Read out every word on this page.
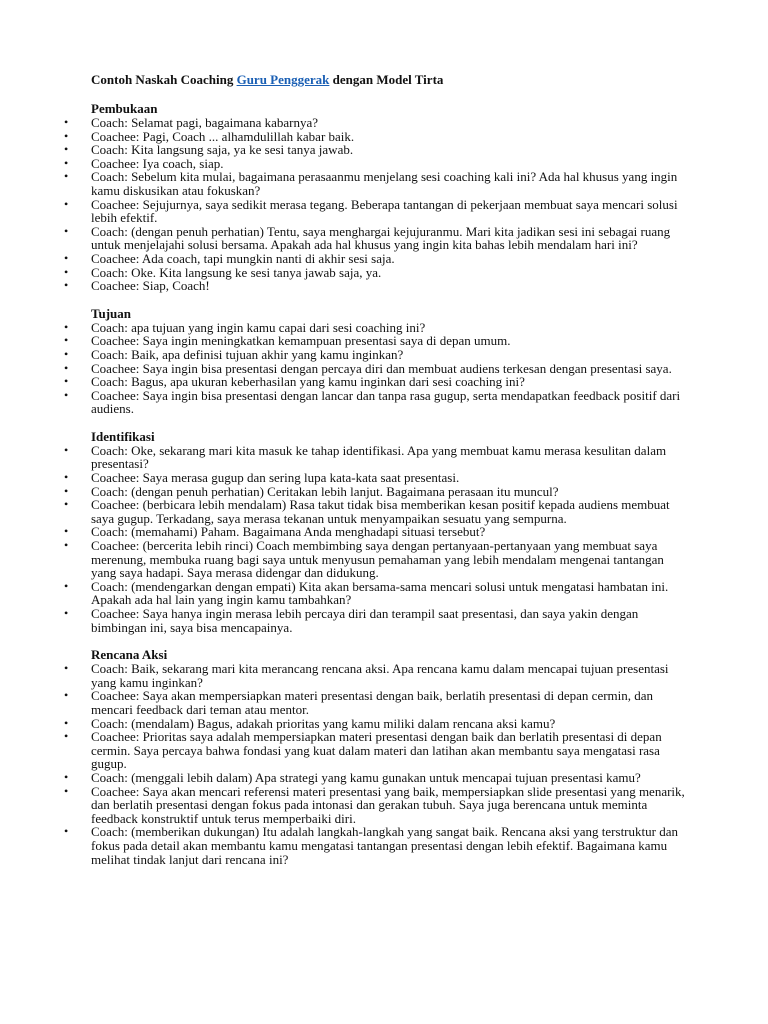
Contoh Naskah Coaching Guru Penggerak dengan Model Tirta
Pembukaan
• Coach: Selamat pagi, bagaimana kabarnya?
• Coachee: Pagi, Coach ... alhamdulillah kabar baik.
• Coach: Kita langsung saja, ya ke sesi tanya jawab.
• Coachee: Iya coach, siap.
• Coach: Sebelum kita mulai, bagaimana perasaanmu menjelang sesi coaching kali ini? Ada hal khusus yang ingin kamu diskusikan atau fokuskan?
• Coachee: Sejujurnya, saya sedikit merasa tegang. Beberapa tantangan di pekerjaan membuat saya mencari solusi lebih efektif.
• Coach: (dengan penuh perhatian) Tentu, saya menghargai kejujuranmu. Mari kita jadikan sesi ini sebagai ruang untuk menjelajahi solusi bersama. Apakah ada hal khusus yang ingin kita bahas lebih mendalam hari ini?
• Coachee: Ada coach, tapi mungkin nanti di akhir sesi saja.
• Coach: Oke. Kita langsung ke sesi tanya jawab saja, ya.
• Coachee: Siap, Coach!
Tujuan
• Coach: apa tujuan yang ingin kamu capai dari sesi coaching ini?
• Coachee: Saya ingin meningkatkan kemampuan presentasi saya di depan umum.
• Coach: Baik, apa definisi tujuan akhir yang kamu inginkan?
• Coachee: Saya ingin bisa presentasi dengan percaya diri dan membuat audiens terkesan dengan presentasi saya.
• Coach: Bagus, apa ukuran keberhasilan yang kamu inginkan dari sesi coaching ini?
• Coachee: Saya ingin bisa presentasi dengan lancar dan tanpa rasa gugup, serta mendapatkan feedback positif dari audiens.
Identifikasi
• Coach: Oke, sekarang mari kita masuk ke tahap identifikasi. Apa yang membuat kamu merasa kesulitan dalam presentasi?
• Coachee: Saya merasa gugup dan sering lupa kata-kata saat presentasi.
• Coach: (dengan penuh perhatian) Ceritakan lebih lanjut. Bagaimana perasaan itu muncul?
• Coachee: (berbicara lebih mendalam) Rasa takut tidak bisa memberikan kesan positif kepada audiens membuat saya gugup. Terkadang, saya merasa tekanan untuk menyampaikan sesuatu yang sempurna.
• Coach: (memahami) Paham. Bagaimana Anda menghadapi situasi tersebut?
• Coachee: (bercerita lebih rinci) Coach membimbing saya dengan pertanyaan-pertanyaan yang membuat saya merenung, membuka ruang bagi saya untuk menyusun pemahaman yang lebih mendalam mengenai tantangan yang saya hadapi. Saya merasa didengar dan didukung.
• Coach: (mendengarkan dengan empati) Kita akan bersama-sama mencari solusi untuk mengatasi hambatan ini. Apakah ada hal lain yang ingin kamu tambahkan?
• Coachee: Saya hanya ingin merasa lebih percaya diri dan terampil saat presentasi, dan saya yakin dengan bimbingan ini, saya bisa mencapainya.
Rencana Aksi
• Coach: Baik, sekarang mari kita merancang rencana aksi. Apa rencana kamu dalam mencapai tujuan presentasi yang kamu inginkan?
• Coachee: Saya akan mempersiapkan materi presentasi dengan baik, berlatih presentasi di depan cermin, dan mencari feedback dari teman atau mentor.
• Coach: (mendalam) Bagus, adakah prioritas yang kamu miliki dalam rencana aksi kamu?
• Coachee: Prioritas saya adalah mempersiapkan materi presentasi dengan baik dan berlatih presentasi di depan cermin. Saya percaya bahwa fondasi yang kuat dalam materi dan latihan akan membantu saya mengatasi rasa gugup.
• Coach: (menggali lebih dalam) Apa strategi yang kamu gunakan untuk mencapai tujuan presentasi kamu?
• Coachee: Saya akan mencari referensi materi presentasi yang baik, mempersiapkan slide presentasi yang menarik, dan berlatih presentasi dengan fokus pada intonasi dan gerakan tubuh. Saya juga berencana untuk meminta feedback konstruktif untuk terus memperbaiki diri.
• Coach: (memberikan dukungan) Itu adalah langkah-langkah yang sangat baik. Rencana aksi yang terstruktur dan fokus pada detail akan membantu kamu mengatasi tantangan presentasi dengan lebih efektif. Bagaimana kamu melihat tindak lanjut dari rencana ini?
